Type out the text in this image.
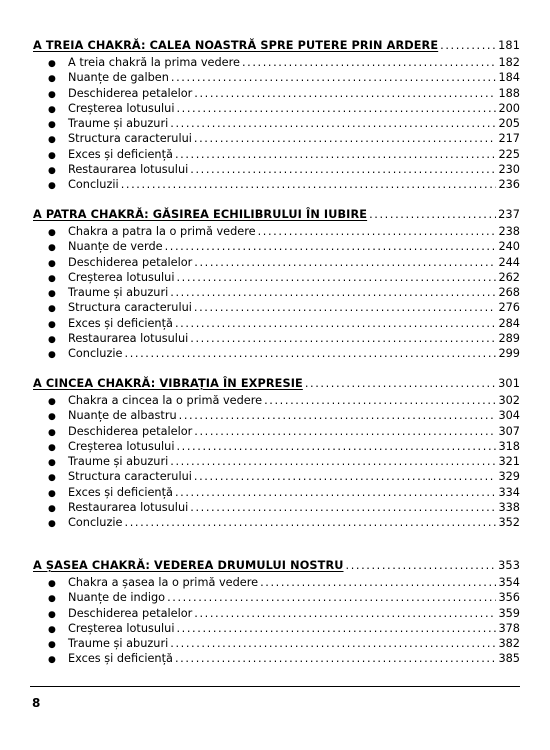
A TREIA CHAKRĂ: CALEA NOASTRĂ SPRE PUTERE PRIN ARDERE .....	181
●	A treia chakră la prima vedere .....	182
●	Nuanțe de galben .....	184
●	Deschiderea petalelor .....	188
●	Creșterea lotusului .....	200
●	Traume și abuzuri .....	205
●	Structura caracterului .....	217
●	Exces și deficiență .....	225
●	Restaurarea lotusului .....	230
●	Concluzii .....	236
A PATRA CHAKRĂ: GĂSIREA ECHILIBRULUI ÎN IUBIRE .....	237
●	Chakra a patra la o primă vedere .....	238
●	Nuanțe de verde .....	240
●	Deschiderea petalelor .....	244
●	Creșterea lotusului .....	262
●	Traume și abuzuri .....	268
●	Structura caracterului .....	276
●	Exces și deficiență .....	284
●	Restaurarea lotusului .....	289
●	Concluzie .....	299
A CINCEA CHAKRĂ: VIBRAȚIA ÎN EXPRESIE .....	301
●	Chakra a cincea la o primă vedere .....	302
●	Nuanțe de albastru .....	304
●	Deschiderea petalelor .....	307
●	Creșterea lotusului .....	318
●	Traume și abuzuri .....	321
●	Structura caracterului .....	329
●	Exces și deficiență .....	334
●	Restaurarea lotusului .....	338
●	Concluzie .....	352
A ȘASEA CHAKRĂ: VEDEREA DRUMULUI NOSTRU .....	353
●	Chakra a șasea la o primă vedere .....	354
●	Nuanțe de indigo .....	356
●	Deschiderea petalelor .....	359
●	Creșterea lotusului .....	378
●	Traume și abuzuri .....	382
●	Exces și deficiență .....	385
8
